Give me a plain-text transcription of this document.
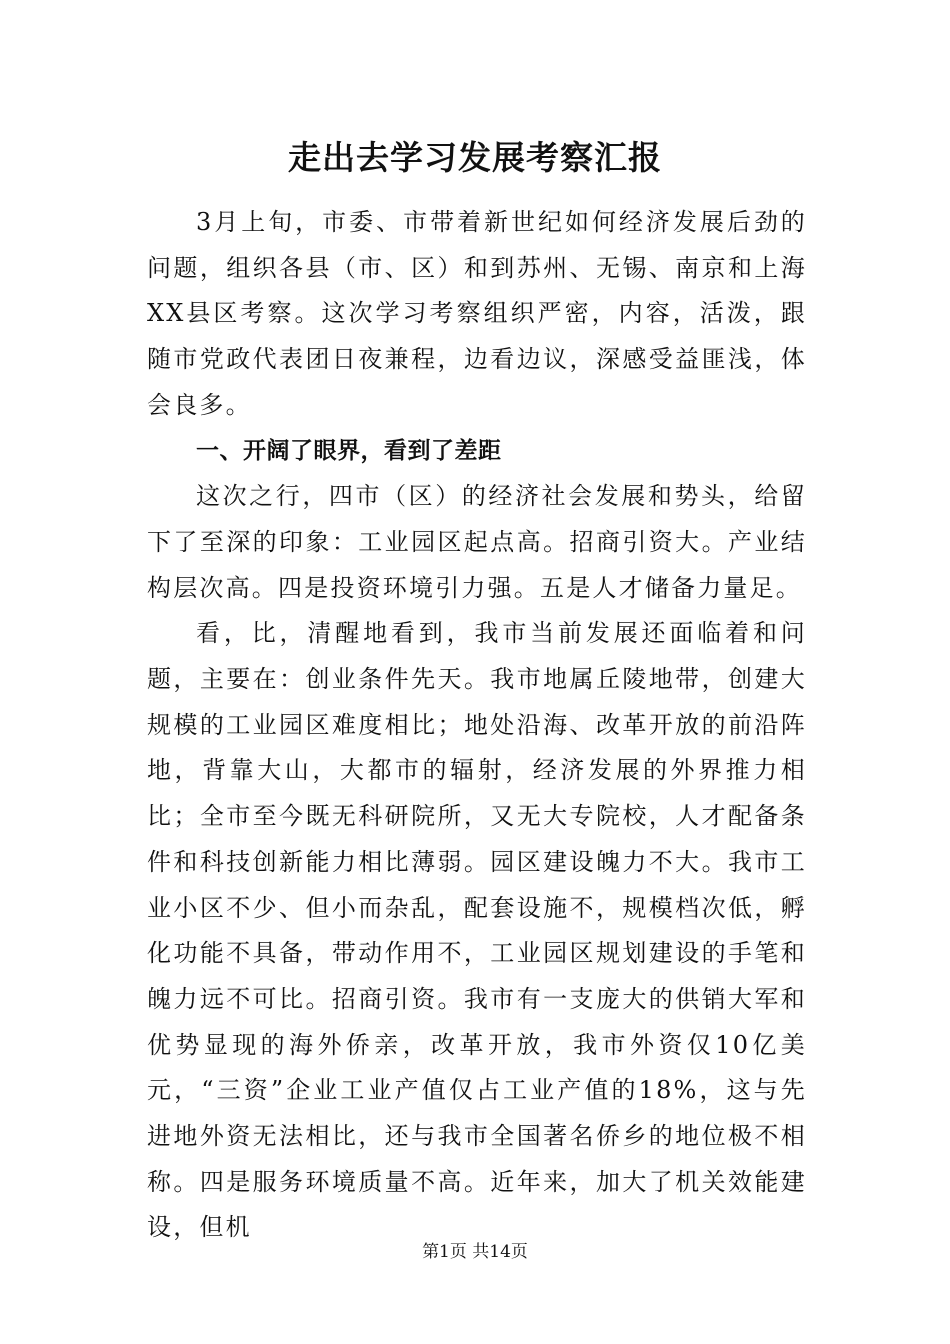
走出去学习发展考察汇报

3月上旬，市委、市带着新世纪如何经济发展后劲的问题，组织各县（市、区）和到苏州、无锡、南京和上海XX县区考察。这次学习考察组织严密，内容，活泼，跟随市党政代表团日夜兼程，边看边议，深感受益匪浅，体会良多。

一、开阔了眼界，看到了差距

这次之行，四市（区）的经济社会发展和势头，给留下了至深的印象：工业园区起点高。招商引资大。产业结构层次高。四是投资环境引力强。五是人才储备力量足。

看，比，清醒地看到，我市当前发展还面临着和问题，主要在：创业条件先天。我市地属丘陵地带，创建大规模的工业园区难度相比；地处沿海、改革开放的前沿阵地，背靠大山，大都市的辐射，经济发展的外界推力相比；全市至今既无科研院所，又无大专院校，人才配备条件和科技创新能力相比薄弱。园区建设魄力不大。我市工业小区不少、但小而杂乱，配套设施不，规模档次低，孵化功能不具备，带动作用不，工业园区规划建设的手笔和魄力远不可比。招商引资。我市有一支庞大的供销大军和优势显现的海外侨亲，改革开放，我市外资仅10亿美元，“三资”企业工业产值仅占工业产值的18%，这与先进地外资无法相比，还与我市全国著名侨乡的地位极不相称。四是服务环境质量不高。近年来，加大了机关效能建设，但机

第1页 共14页
